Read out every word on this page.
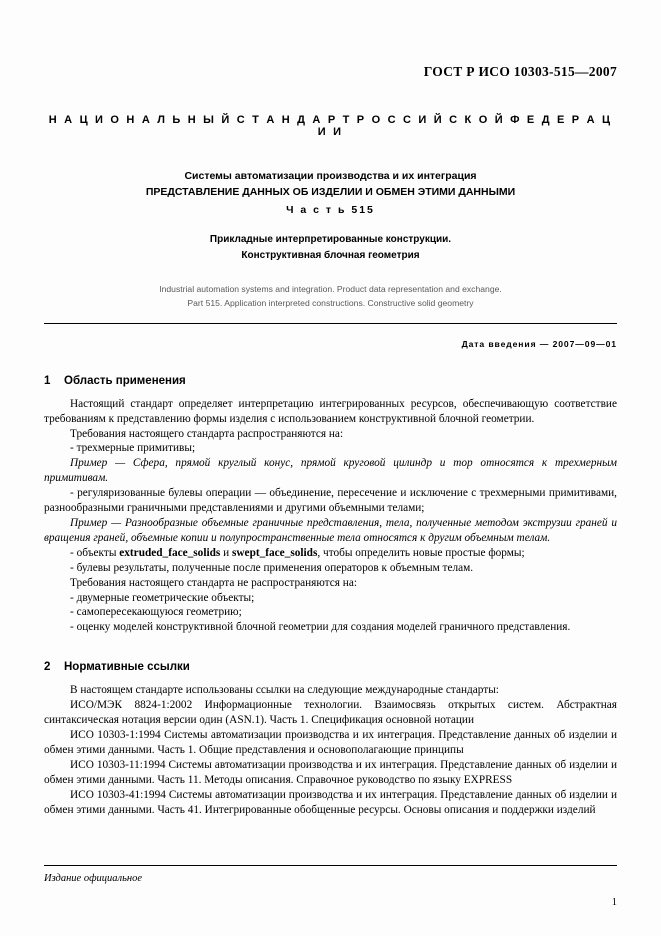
ГОСТ Р ИСО 10303-515—2007
Н А Ц И О Н А Л Ь Н Ы Й С Т А Н Д А Р Т Р О С С И Й С К О Й Ф Е Д Е Р А Ц И И
Системы автоматизации производства и их интеграция
ПРЕДСТАВЛЕНИЕ ДАННЫХ ОБ ИЗДЕЛИИ И ОБМЕН ЭТИМИ ДАННЫМИ
Ч а с т ь 515
Прикладные интерпретированные конструкции.
Конструктивная блочная геометрия
Industrial automation systems and integration. Product data representation and exchange.
Part 515. Application interpreted constructions. Constructive solid geometry
Дата введения — 2007—09—01
1 Область применения

Настоящий стандарт определяет интерпретацию интегрированных ресурсов, обеспечивающую соответствие требованиям к представлению формы изделия с использованием конструктивной блочной геометрии.

Требования настоящего стандарта распространяются на:

- трехмерные примитивы;

Пример — Сфера, прямой круглый конус, прямой круговой цилиндр и тор относятся к трехмерным примитивам.

- регуляризованные булевы операции — объединение, пересечение и исключение с трехмерными примитивами, разнообразными граничными представлениями и другими объемными телами;

Пример — Разнообразные объемные граничные представления, тела, полученные методом экструзии граней и вращения граней, объемные копии и полупространственные тела относятся к другим объемным телам.

- объекты extruded_face_solids и swept_face_solids, чтобы определить новые простые формы;

- булевы результаты, полученные после применения операторов к объемным телам.

Требования настоящего стандарта не распространяются на:

- двумерные геометрические объекты;

- самопересекающуюся геометрию;

- оценку моделей конструктивной блочной геометрии для создания моделей граничного представления.

2 Нормативные ссылки

В настоящем стандарте использованы ссылки на следующие международные стандарты:

ИСО/МЭК 8824-1:2002 Информационные технологии. Взаимосвязь открытых систем. Абстрактная синтаксическая нотация версии один (ASN.1). Часть 1. Спецификация основной нотации

ИСО 10303-1:1994 Системы автоматизации производства и их интеграция. Представление данных об изделии и обмен этими данными. Часть 1. Общие представления и основополагающие принципы

ИСО 10303-11:1994 Системы автоматизации производства и их интеграция. Представление данных об изделии и обмен этими данными. Часть 11. Методы описания. Справочное руководство по языку EXPRESS

ИСО 10303-41:1994 Системы автоматизации производства и их интеграция. Представление данных об изделии и обмен этими данными. Часть 41. Интегрированные обобщенные ресурсы. Основы описания и поддержки изделий

Издание официальное
1
